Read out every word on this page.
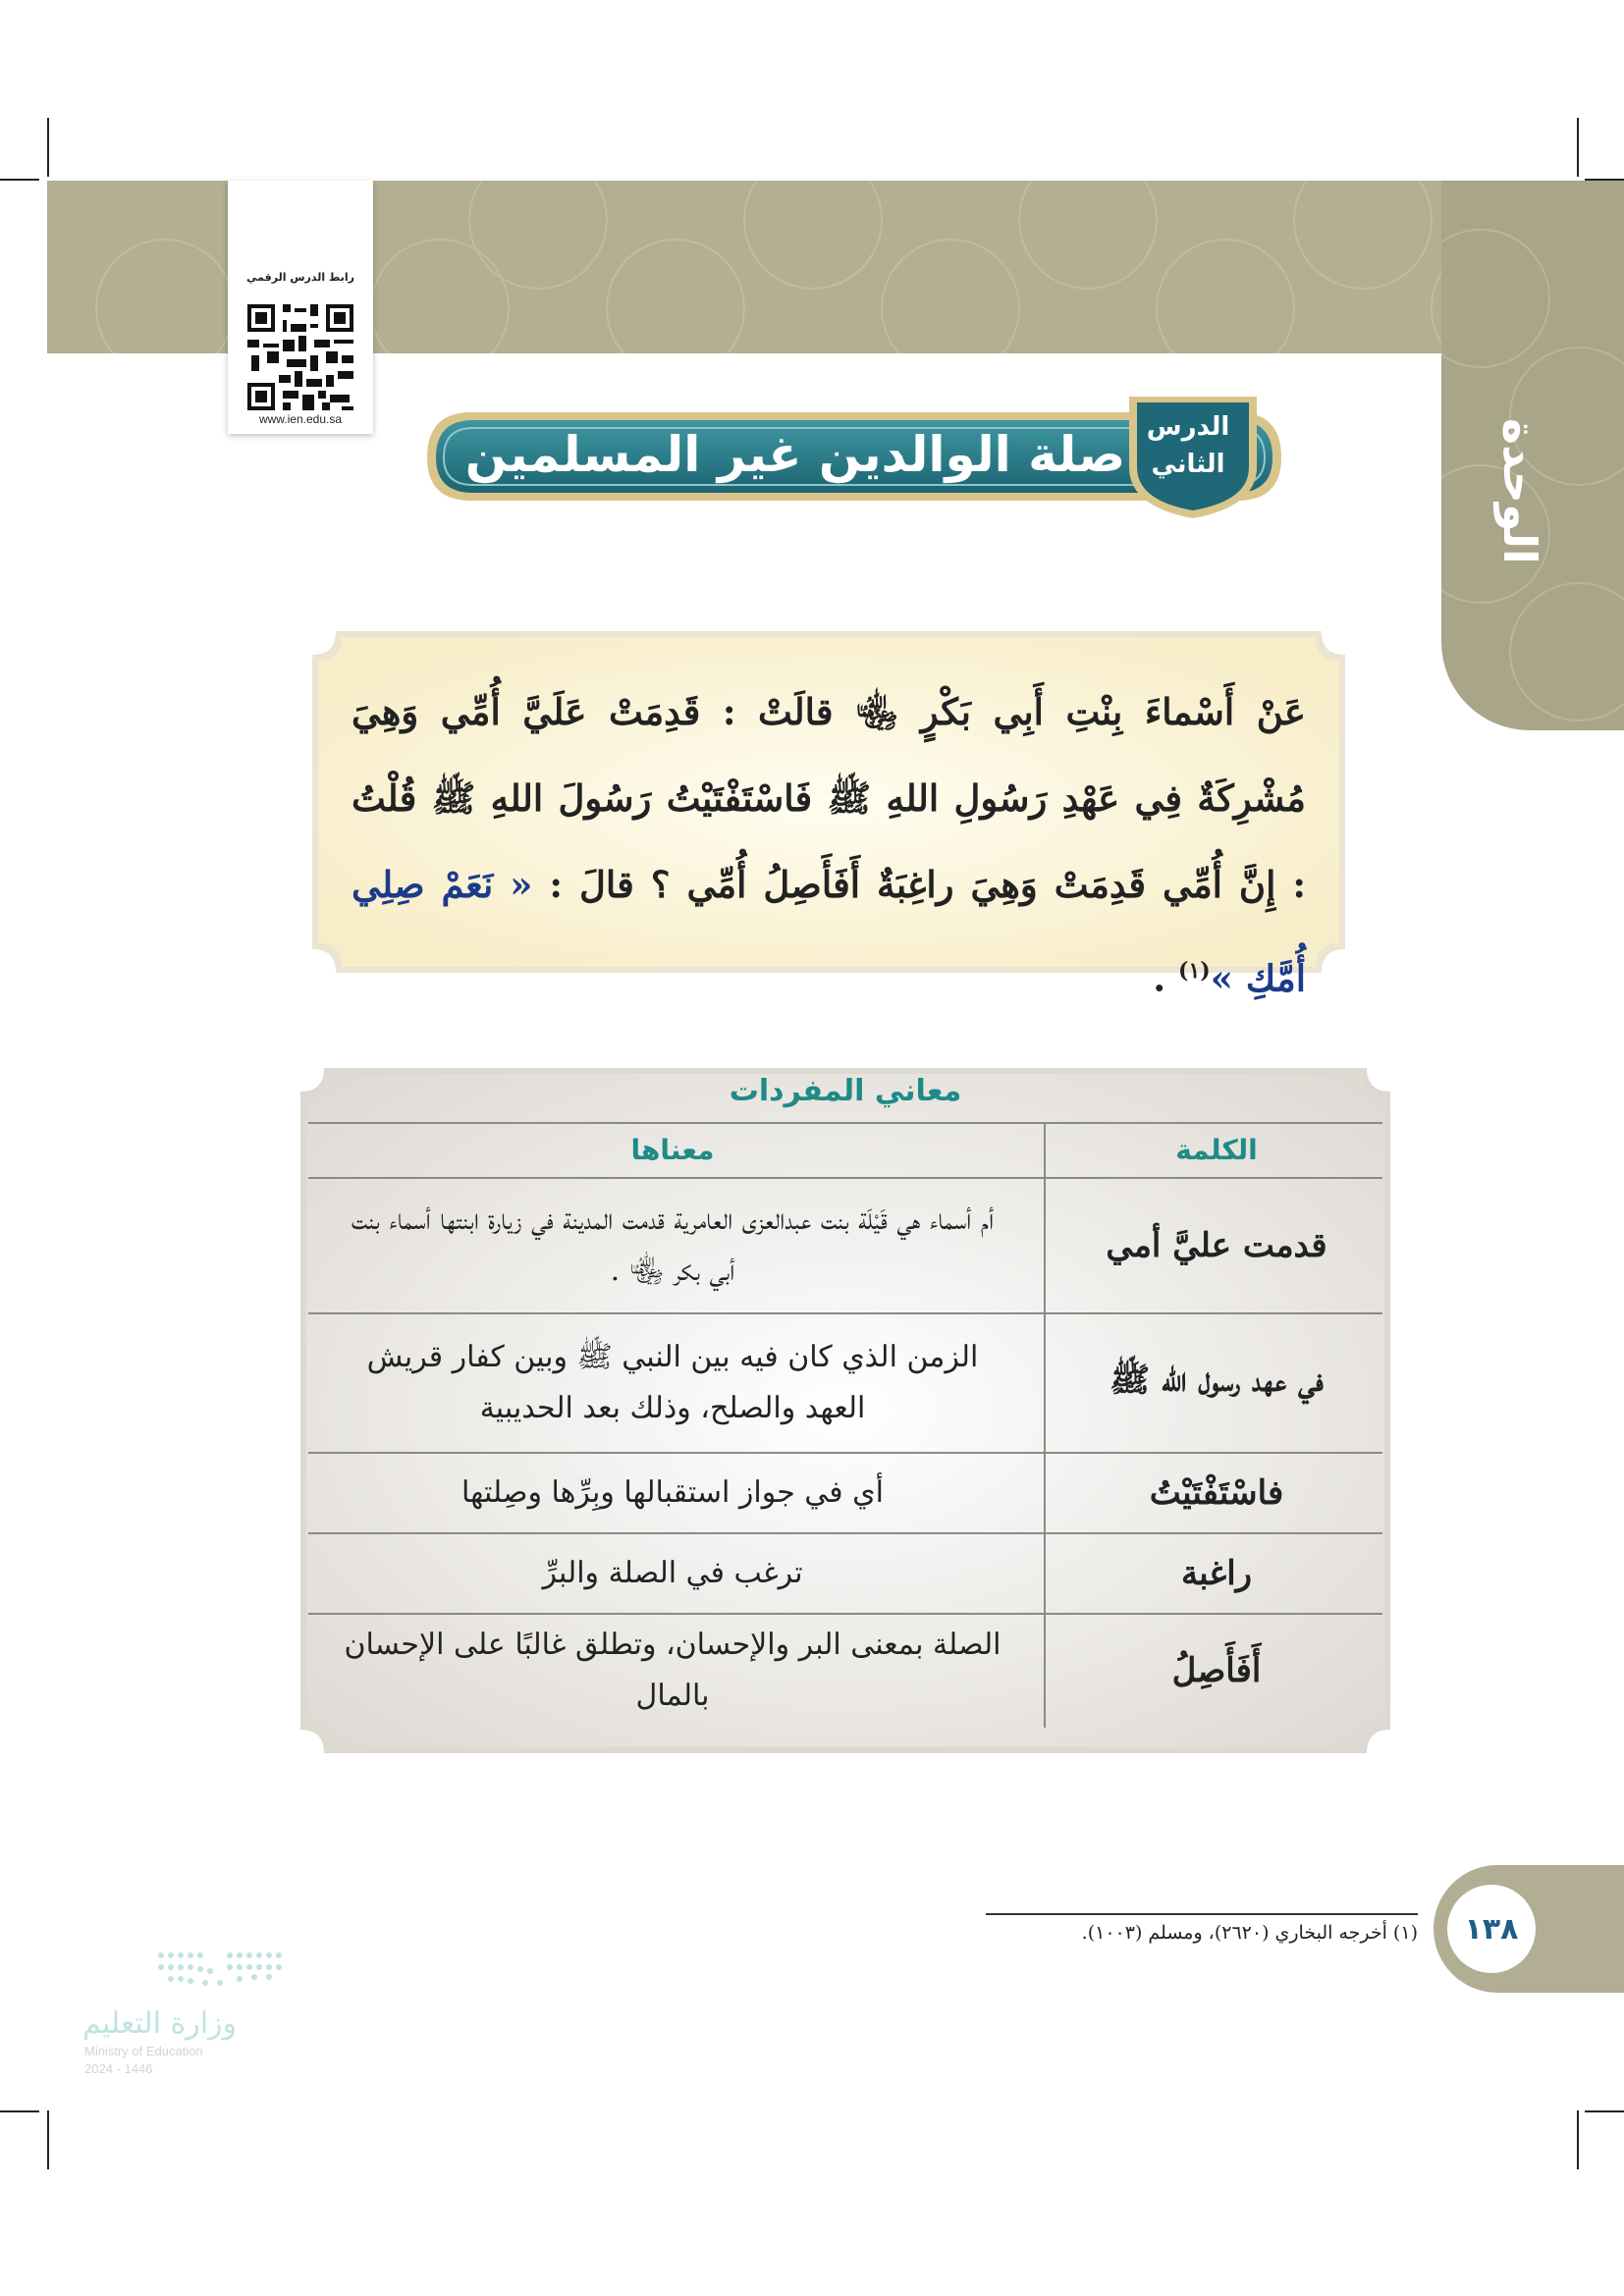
الوحدة الأولى
رابط الدرس الرقمي
www.ien.edu.sa
صلة الوالدين غير المسلمين الدرس
الثاني
عَنْ أَسْماءَ بِنْتِ أَبِي بَكْرٍ ﵄ قالَتْ : قَدِمَتْ عَلَيَّ أُمِّي وَهِيَ مُشْرِكَةٌ فِي عَهْدِ رَسُولِ اللهِ ﷺ فَاسْتَفْتَيْتُ رَسُولَ اللهِ ﷺ قُلْتُ : إِنَّ أُمِّي قَدِمَتْ وَهِيَ راغِبَةٌ أَفَأَصِلُ أُمِّي ؟ قالَ : « نَعَمْ صِلِي أُمَّكِ »$^{(١)}$ .
معاني المفردات
معناها	الكلمة
قدمت عليَّ أمي
أم أسماء هي قَيْلَة بنت عبدالعزى العامرية قدمت المدينة في زيارة ابنتها أسماء بنت أبي بكر ﵄ .
في عهد رسول الله ﷺ
الزمن الذي كان فيه بين النبي ﷺ وبين كفار قريش العهد والصلح، وذلك بعد الحديبية
فاسْتَفْتَيْتُ
أي في جواز استقبالها وبِرِّها وصِلتها
راغبة
ترغب في الصلة والبرِّ
أَفَأَصِلُ
الصلة بمعنى البر والإحسان، وتطلق غالبًا على الإحسان بالمال
(١) أخرجه البخاري (٢٦٢٠)، ومسلم (١٠٠٣). ١٣٨
وزارة التعليم
Ministry of Education
2024 - 1446
